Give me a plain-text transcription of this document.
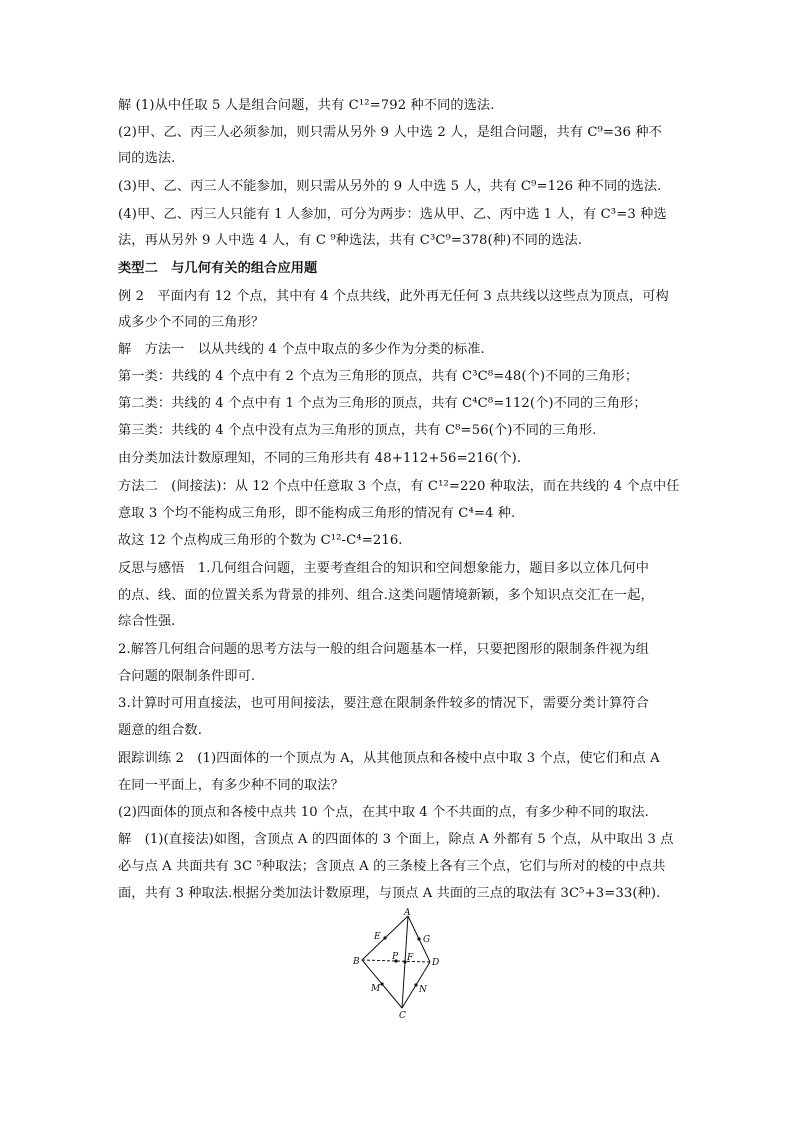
解 (1)从中任取 5 人是组合问题，共有 C¹²=792 种不同的选法.
(2)甲、乙、丙三人必须参加，则只需从另外 9 人中选 2 人，是组合问题，共有 C⁹=36 种不
同的选法.
(3)甲、乙、丙三人不能参加，则只需从另外的 9 人中选 5 人，共有 C⁹=126 种不同的选法.
(4)甲、乙、丙三人只能有 1 人参加，可分为两步：选从甲、乙、丙中选 1 人，有 C³=3 种选
法，再从另外 9 人中选 4 人，有 C ⁹种选法，共有 C³C⁹=378(种)不同的选法.
类型二　与几何有关的组合应用题
例 2　平面内有 12 个点，其中有 4 个点共线，此外再无任何 3 点共线以这些点为顶点，可构
成多少个不同的三角形？
解　方法一　以从共线的 4 个点中取点的多少作为分类的标准.
第一类：共线的 4 个点中有 2 个点为三角形的顶点，共有 C³C⁸=48(个)不同的三角形；
第二类：共线的 4 个点中有 1 个点为三角形的顶点，共有 C⁴C⁸=112(个)不同的三角形；
第三类：共线的 4 个点中没有点为三角形的顶点，共有 C⁸=56(个)不同的三角形.
由分类加法计数原理知，不同的三角形共有 48+112+56=216(个).
方法二　(间接法)：从 12 个点中任意取 3 个点，有 C¹²=220 种取法，而在共线的 4 个点中任
意取 3 个均不能构成三角形，即不能构成三角形的情况有 C⁴=4 种.
故这 12 个点构成三角形的个数为 C¹²-C⁴=216.
反思与感悟　1.几何组合问题，主要考查组合的知识和空间想象能力，题目多以立体几何中
的点、线、面的位置关系为背景的排列、组合.这类问题情境新颖，多个知识点交汇在一起，
综合性强.
2.解答几何组合问题的思考方法与一般的组合问题基本一样，只要把图形的限制条件视为组
合问题的限制条件即可.
3.计算时可用直接法，也可用间接法，要注意在限制条件较多的情况下，需要分类计算符合
题意的组合数.
跟踪训练 2　(1)四面体的一个顶点为 A，从其他顶点和各棱中点中取 3 个点，使它们和点 A
在同一平面上，有多少种不同的取法？
(2)四面体的顶点和各棱中点共 10 个点，在其中取 4 个不共面的点，有多少种不同的取法.
解　(1)(直接法)如图，含顶点 A 的四面体的 3 个面上，除点 A 外都有 5 个点，从中取出 3 点
必与点 A 共面共有 3C ⁵种取法；含顶点 A 的三条棱上各有三个点，它们与所对的棱的中点共
面，共有 3 种取法.根据分类加法计数原理，与顶点 A 共面的三点的取法有 3C⁵+3=33(种).
A
B
C
D
E
F
G
M	N
P
